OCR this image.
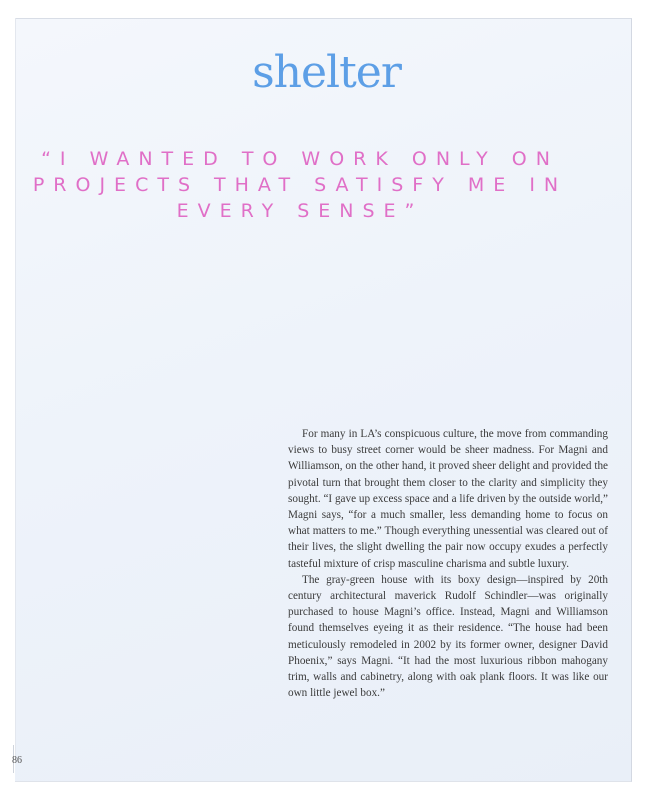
shelter
“I WANTED TO WORK ONLY ON PROJECTS THAT SATISFY ME IN EVERY SENSE”

For many in LA’s conspicuous culture, the move from commanding views to busy street corner would be sheer madness. For Magni and Williamson, on the other hand, it proved sheer delight and provided the pivotal turn that brought them closer to the clarity and simplicity they sought. “I gave up excess space and a life driven by the outside world,” Magni says, “for a much smaller, less demanding home to focus on what matters to me.” Though everything unessential was cleared out of their lives, the slight dwelling the pair now occupy exudes a perfectly tasteful mixture of crisp masculine charisma and subtle luxury.

The gray-green house with its boxy design—inspired by 20th century architectural maverick Rudolf Schindler—was originally purchased to house Magni’s office. Instead, Magni and Williamson found themselves eyeing it as their residence. “The house had been meticulously remodeled in 2002 by its former owner, designer David Phoenix,” says Magni. “It had the most luxurious ribbon mahogany trim, walls and cabinetry, along with oak plank floors. It was like our own little jewel box.”

86
